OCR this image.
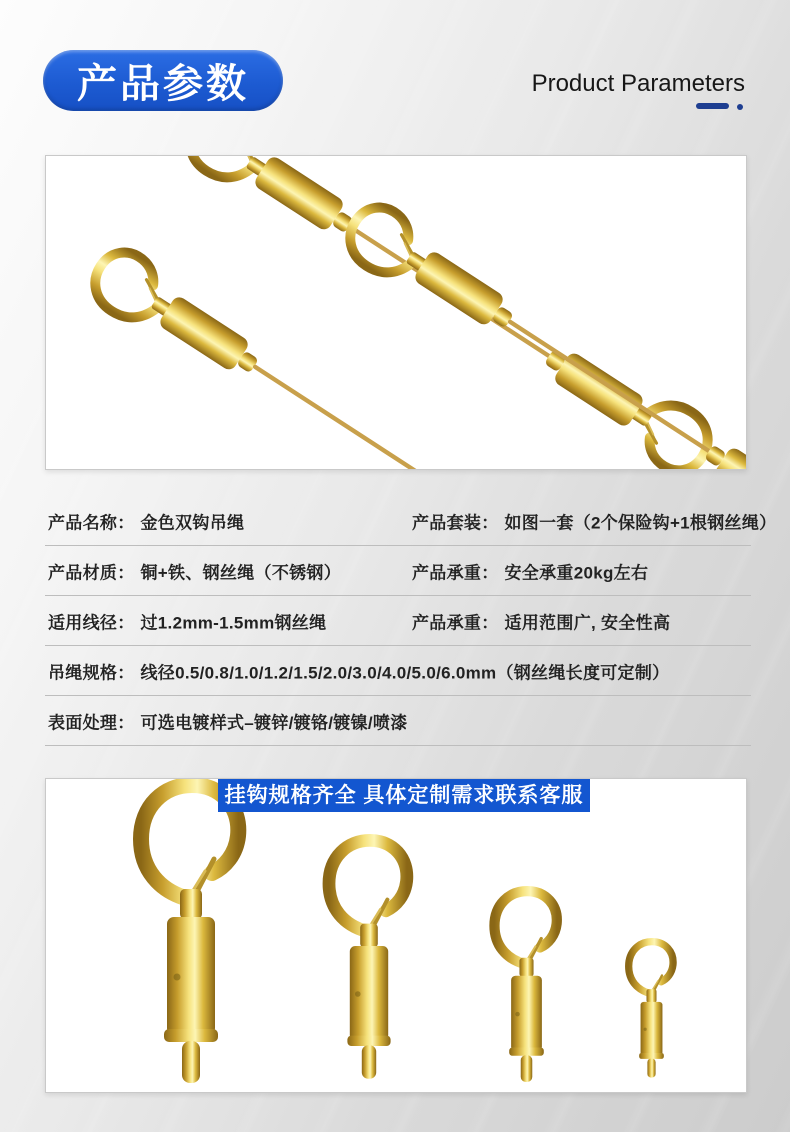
产品参数	Product Parameters
产品名称： 金色双钩吊绳	产品套装： 如图一套（2个保险钩+1根钢丝绳）
产品材质： 铜+铁、钢丝绳（不锈钢）	产品承重： 安全承重20kg左右
适用线径： 过1.2mm-1.5mm钢丝绳	产品承重： 适用范围广, 安全性高
吊绳规格： 线径0.5/0.8/1.0/1.2/1.5/2.0/3.0/4.0/5.0/6.0mm（钢丝绳长度可定制）
表面处理： 可选电镀样式–镀锌/镀铬/镀镍/喷漆
挂钩规格齐全 具体定制需求联系客服
